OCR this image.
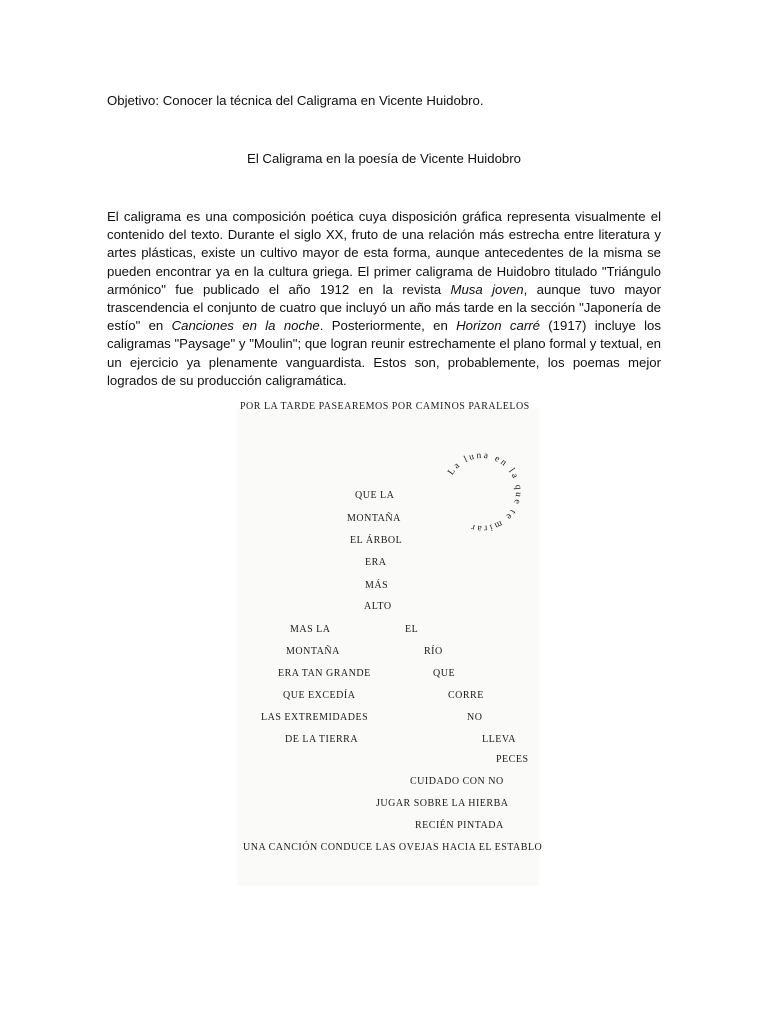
Objetivo: Conocer la técnica del Caligrama en Vicente Huidobro.

El Caligrama en la poesía de Vicente Huidobro

El caligrama es una composición poética cuya disposición gráfica representa visualmente el contenido del texto. Durante el siglo XX, fruto de una relación más estrecha entre literatura y artes plásticas, existe un cultivo mayor de esta forma, aunque antecedentes de la misma se pueden encontrar ya en la cultura griega. El primer caligrama de Huidobro titulado "Triángulo armónico" fue publicado el año 1912 en la revista Musa joven, aunque tuvo mayor trascendencia el conjunto de cuatro que incluyó un año más tarde en la sección "Japonería de estío" en Canciones en la noche. Posteriormente, en Horizon carré (1917) incluye los caligramas "Paysage" y "Moulin"; que logran reunir estrechamente el plano formal y textual, en un ejercicio ya plenamente vanguardista. Estos son, probablemente, los poemas mejor logrados de su producción caligramática.

POR LA TARDE PASEAREMOS POR CAMINOS PARALELOS

La luna en la que te mirar

QUE LA

MONTAÑA

EL ÁRBOL

ERA

MÁS

ALTO

MAS LA

MONTAÑA

ERA TAN GRANDE

QUE EXCEDÍA

LAS EXTREMIDADES

DE LA TIERRA

EL

RÍO

QUE

CORRE

NO

LLEVA

PECES

CUIDADO CON NO

JUGAR SOBRE LA HIERBA

RECIÉN PINTADA

UNA CANCIÓN CONDUCE LAS OVEJAS HACIA EL ESTABLO
